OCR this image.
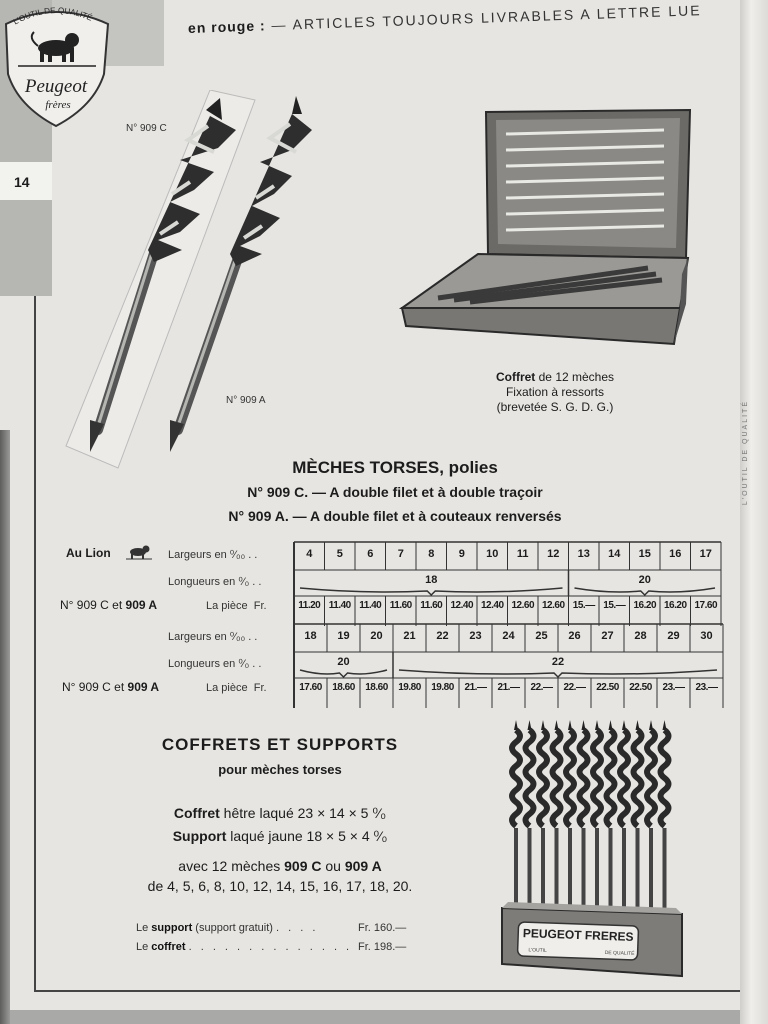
14
L'OUTIL DE QUALITÉ
L'OUTIL DE QUALITÉ
Peugeot
frères
en rouge : — ARTICLES TOUJOURS LIVRABLES A LETTRE LUE
N° 909 C
N° 909 A
Coffret de 12 mèches
Fixation à ressorts
(brevetée S. G. D. G.)
MÈCHES TORSES, polies
N° 909 C. — A double filet et à double traçoir
N° 909 A. — A double filet et à couteaux renversés
Au Lion	Largeurs en ⁰⁄₀₀ . .
Longueurs en ⁰⁄₀ . .
N° 909 C et 909 A	La pièce Fr.
Largeurs en ⁰⁄₀₀ . .
Longueurs en ⁰⁄₀ . .
N° 909 C et 909 A	La pièce Fr.
4	5	6	7	8	9	10	11	12	13	14	15	16	17
18	20
11.20 11.40 11.40 11.60 11.60 12.40 12.40 12.60 12.60 15.— 15.— 16.20 16.20 17.60
18	19	20	21	22	23	24	25	26	27	28	29	30
20	22
17.60	18.60	18.60	19.80	19.80	21.—	21.—	22.—	22.—	22.50	22.50	23.—	23.—
COFFRETS ET SUPPORTS
pour mèches torses
Coffret hêtre laqué 23 × 14 × 5 ⁰⁄₀
Support laqué jaune 18 × 5 × 4 ⁰⁄₀
avec 12 mèches 909 C ou 909 A
de 4, 5, 6, 8, 10, 12, 14, 15, 16, 17, 18, 20.
Le support (support gratuit) . . . .	Fr. 160.—
Le coffret . . . . . . . . . . . . . . Fr. 198.—
PEUGEOT FRERES
L'OUTIL	DE QUALITÉ
